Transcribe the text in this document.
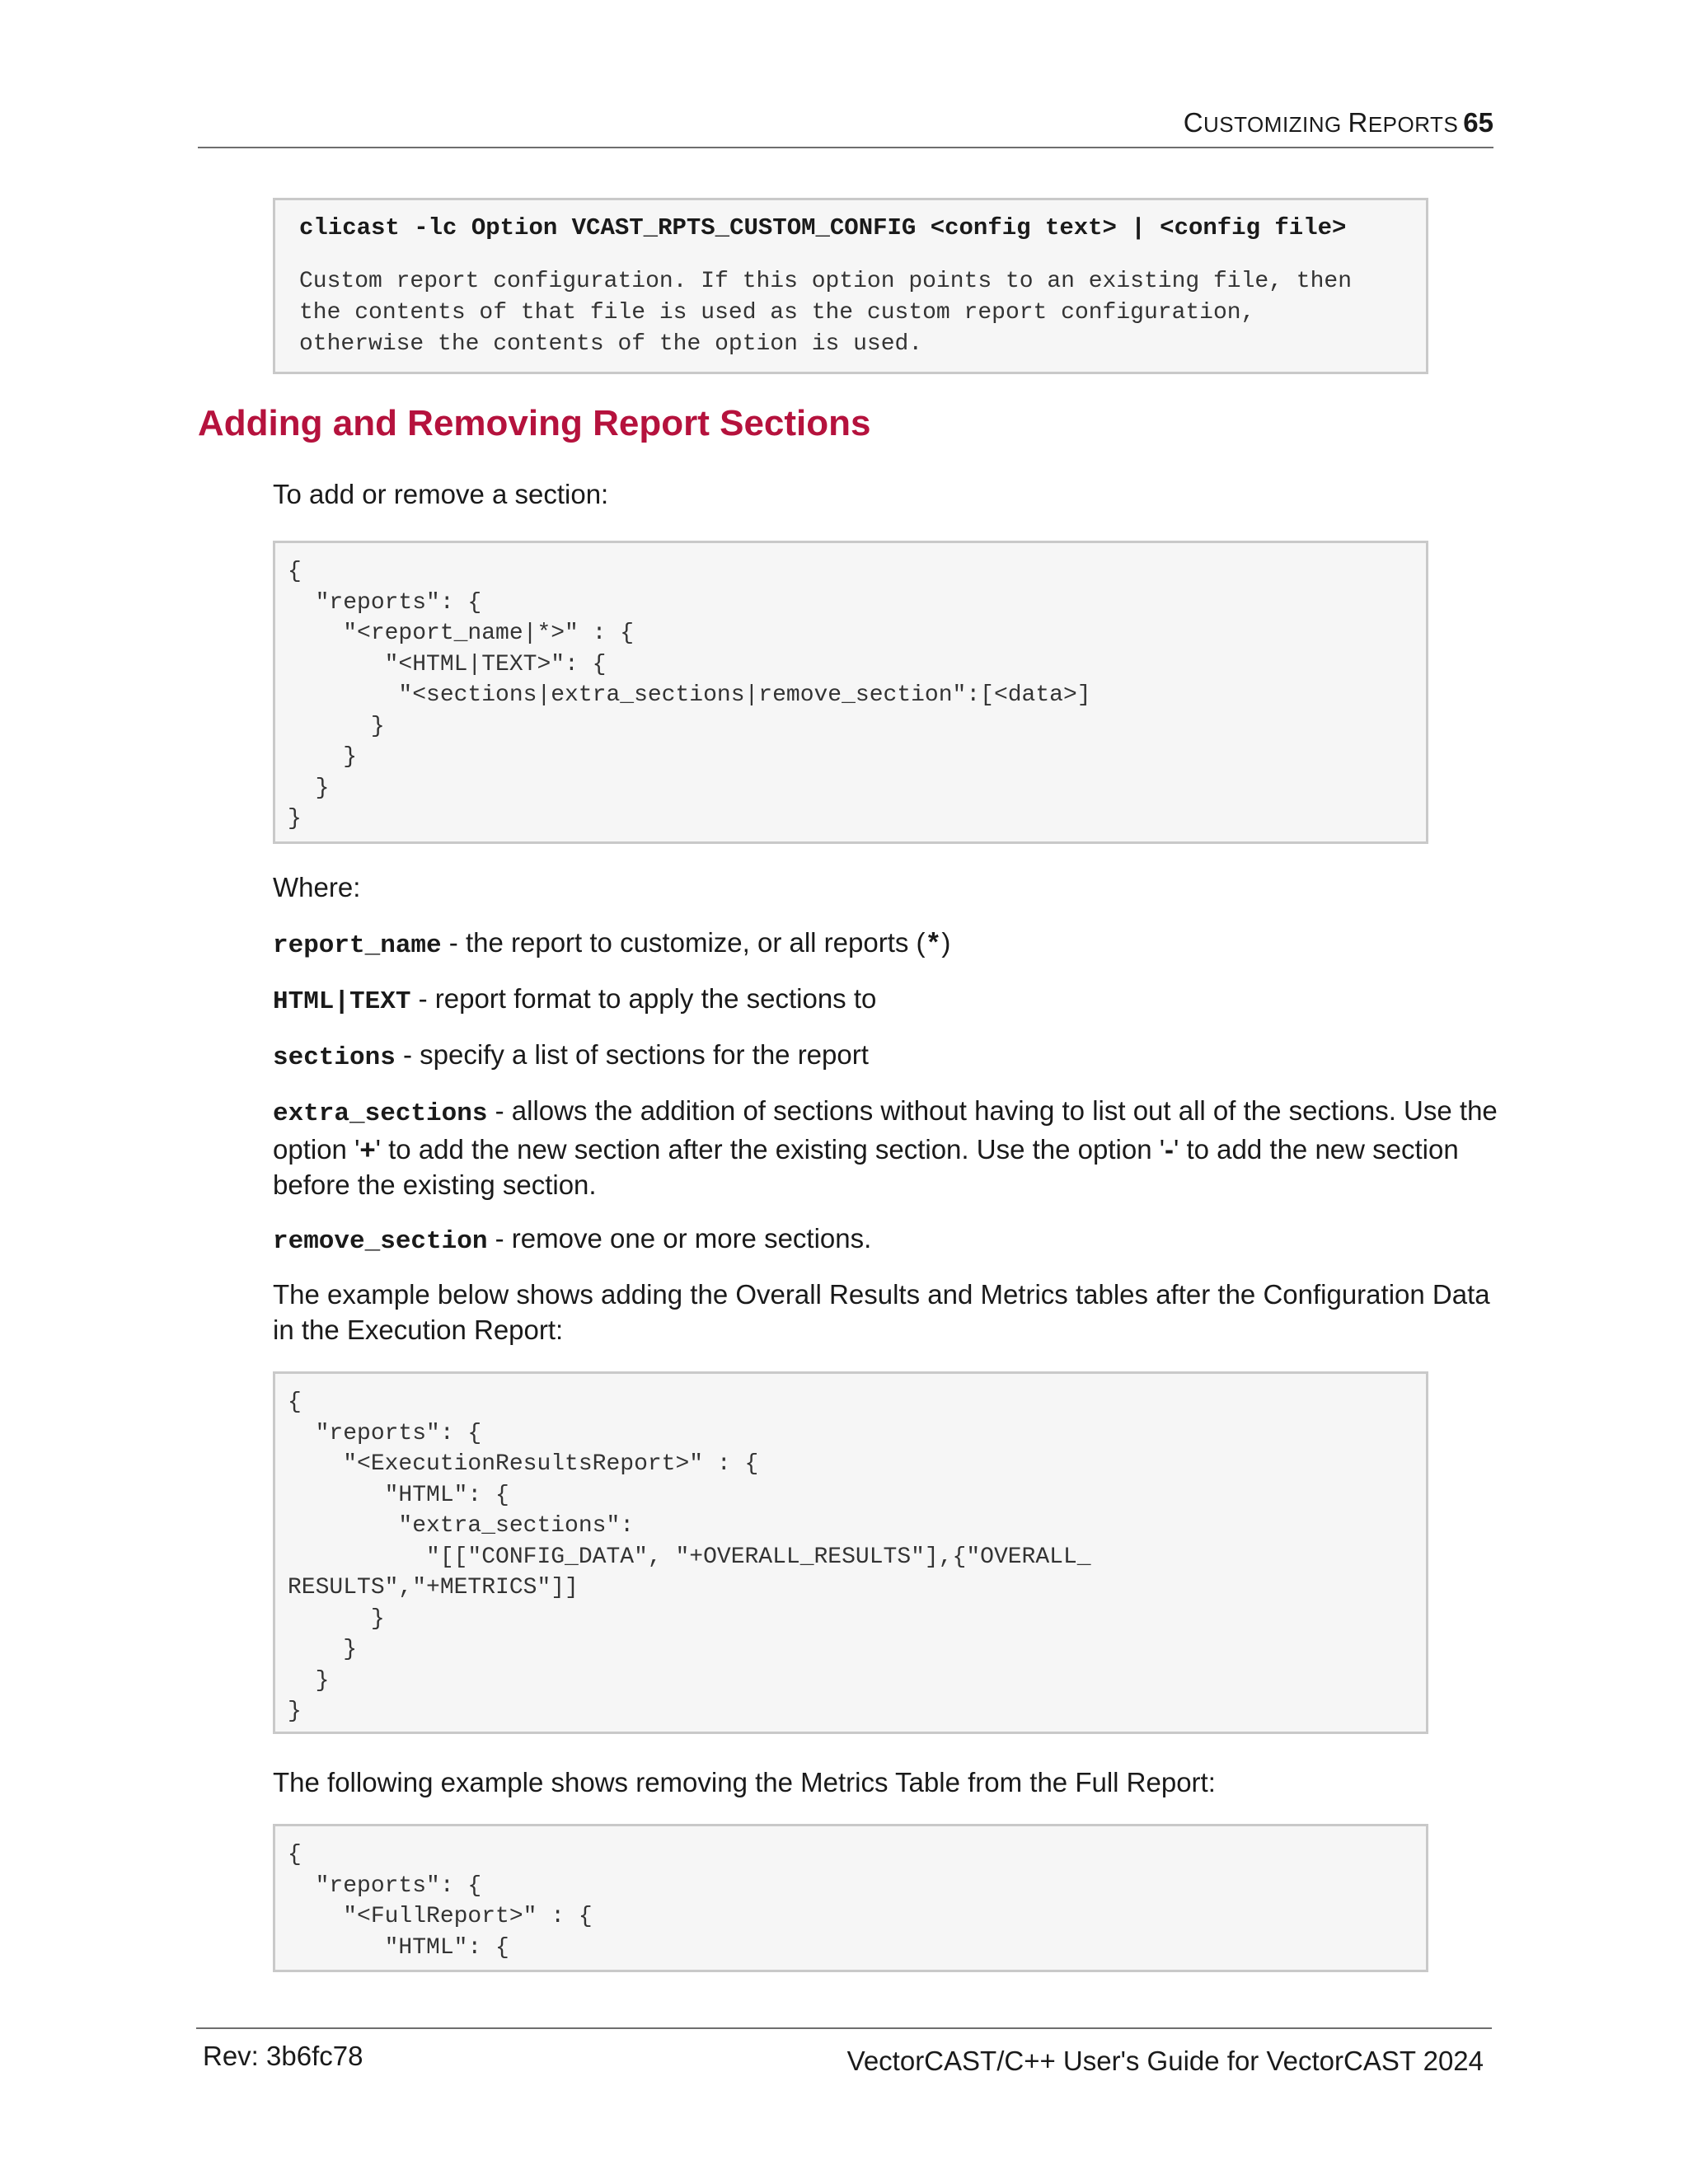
CUSTOMIZING REPORTS 65
clicast -lc Option VCAST_RPTS_CUSTOM_CONFIG <config text> | <config file>
Custom report configuration. If this option points to an existing file, then
the contents of that file is used as the custom report configuration,
otherwise the contents of the option is used.
Adding and Removing Report Sections
To add or remove a section:
{
"reports": {
"<report_name|*>" : {
"<HTML|TEXT>": {
"<sections|extra_sections|remove_section":[<data>]
}
}
}
}
Where:
report_name - the report to customize, or all reports (*)
HTML|TEXT - report format to apply the sections to
sections - specify a list of sections for the report
extra_sections - allows the addition of sections without having to list out all of the sections. Use the option '+' to add the new section after the existing section. Use the option '-' to add the new section before the existing section.
remove_section - remove one or more sections.
The example below shows adding the Overall Results and Metrics tables after the Configuration Data in the Execution Report:
{
"reports": {
"<ExecutionResultsReport>" : {
"HTML": {
"extra_sections":
"[["CONFIG_DATA", "+OVERALL_RESULTS"],{"OVERALL_
RESULTS","+METRICS"]]
}
}
}
}
The following example shows removing the Metrics Table from the Full Report:
{
"reports": {
"<FullReport>" : {
"HTML": {
Rev: 3b6fc78	VectorCAST/C++ User's Guide for VectorCAST 2024
